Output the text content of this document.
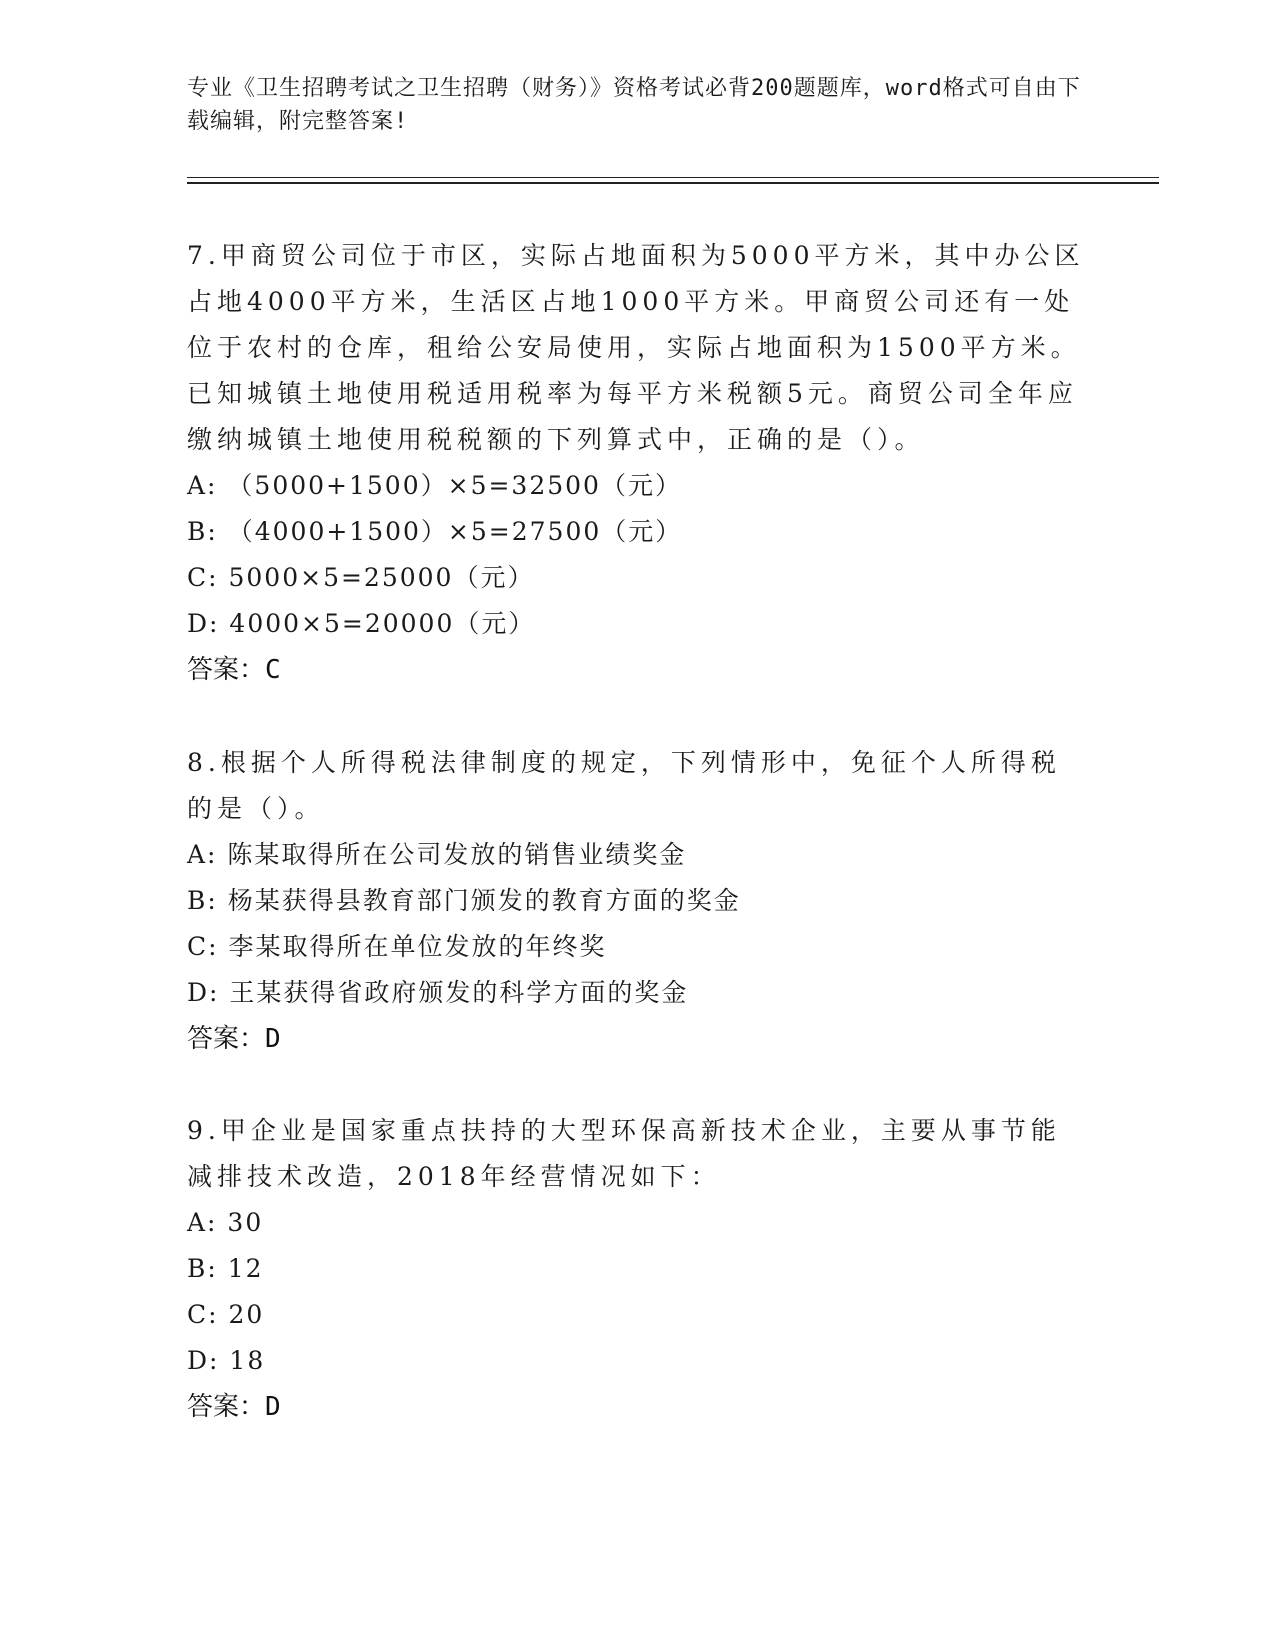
专业《卫生招聘考试之卫生招聘（财务）》资格考试必背200题题库，word格式可自由下载编辑，附完整答案!

7.甲商贸公司位于市区，实际占地面积为5000平方米，其中办公区占地4000平方米，生活区占地1000平方米。甲商贸公司还有一处位于农村的仓库，租给公安局使用，实际占地面积为1500平方米。已知城镇土地使用税适用税率为每平方米税额5元。商贸公司全年应缴纳城镇土地使用税税额的下列算式中，正确的是（）。

A: （5000+1500）×5=32500（元）
B: （4000+1500）×5=27500（元）
C: 5000×5=25000（元）
D: 4000×5=20000（元）
答案：C

8.根据个人所得税法律制度的规定，下列情形中，免征个人所得税的是（）。

A: 陈某取得所在公司发放的销售业绩奖金
B: 杨某获得县教育部门颁发的教育方面的奖金
C: 李某取得所在单位发放的年终奖
D: 王某获得省政府颁发的科学方面的奖金
答案：D

9.甲企业是国家重点扶持的大型环保高新技术企业，主要从事节能减排技术改造，2018年经营情况如下：

A: 30
B: 12
C: 20
D: 18
答案：D
